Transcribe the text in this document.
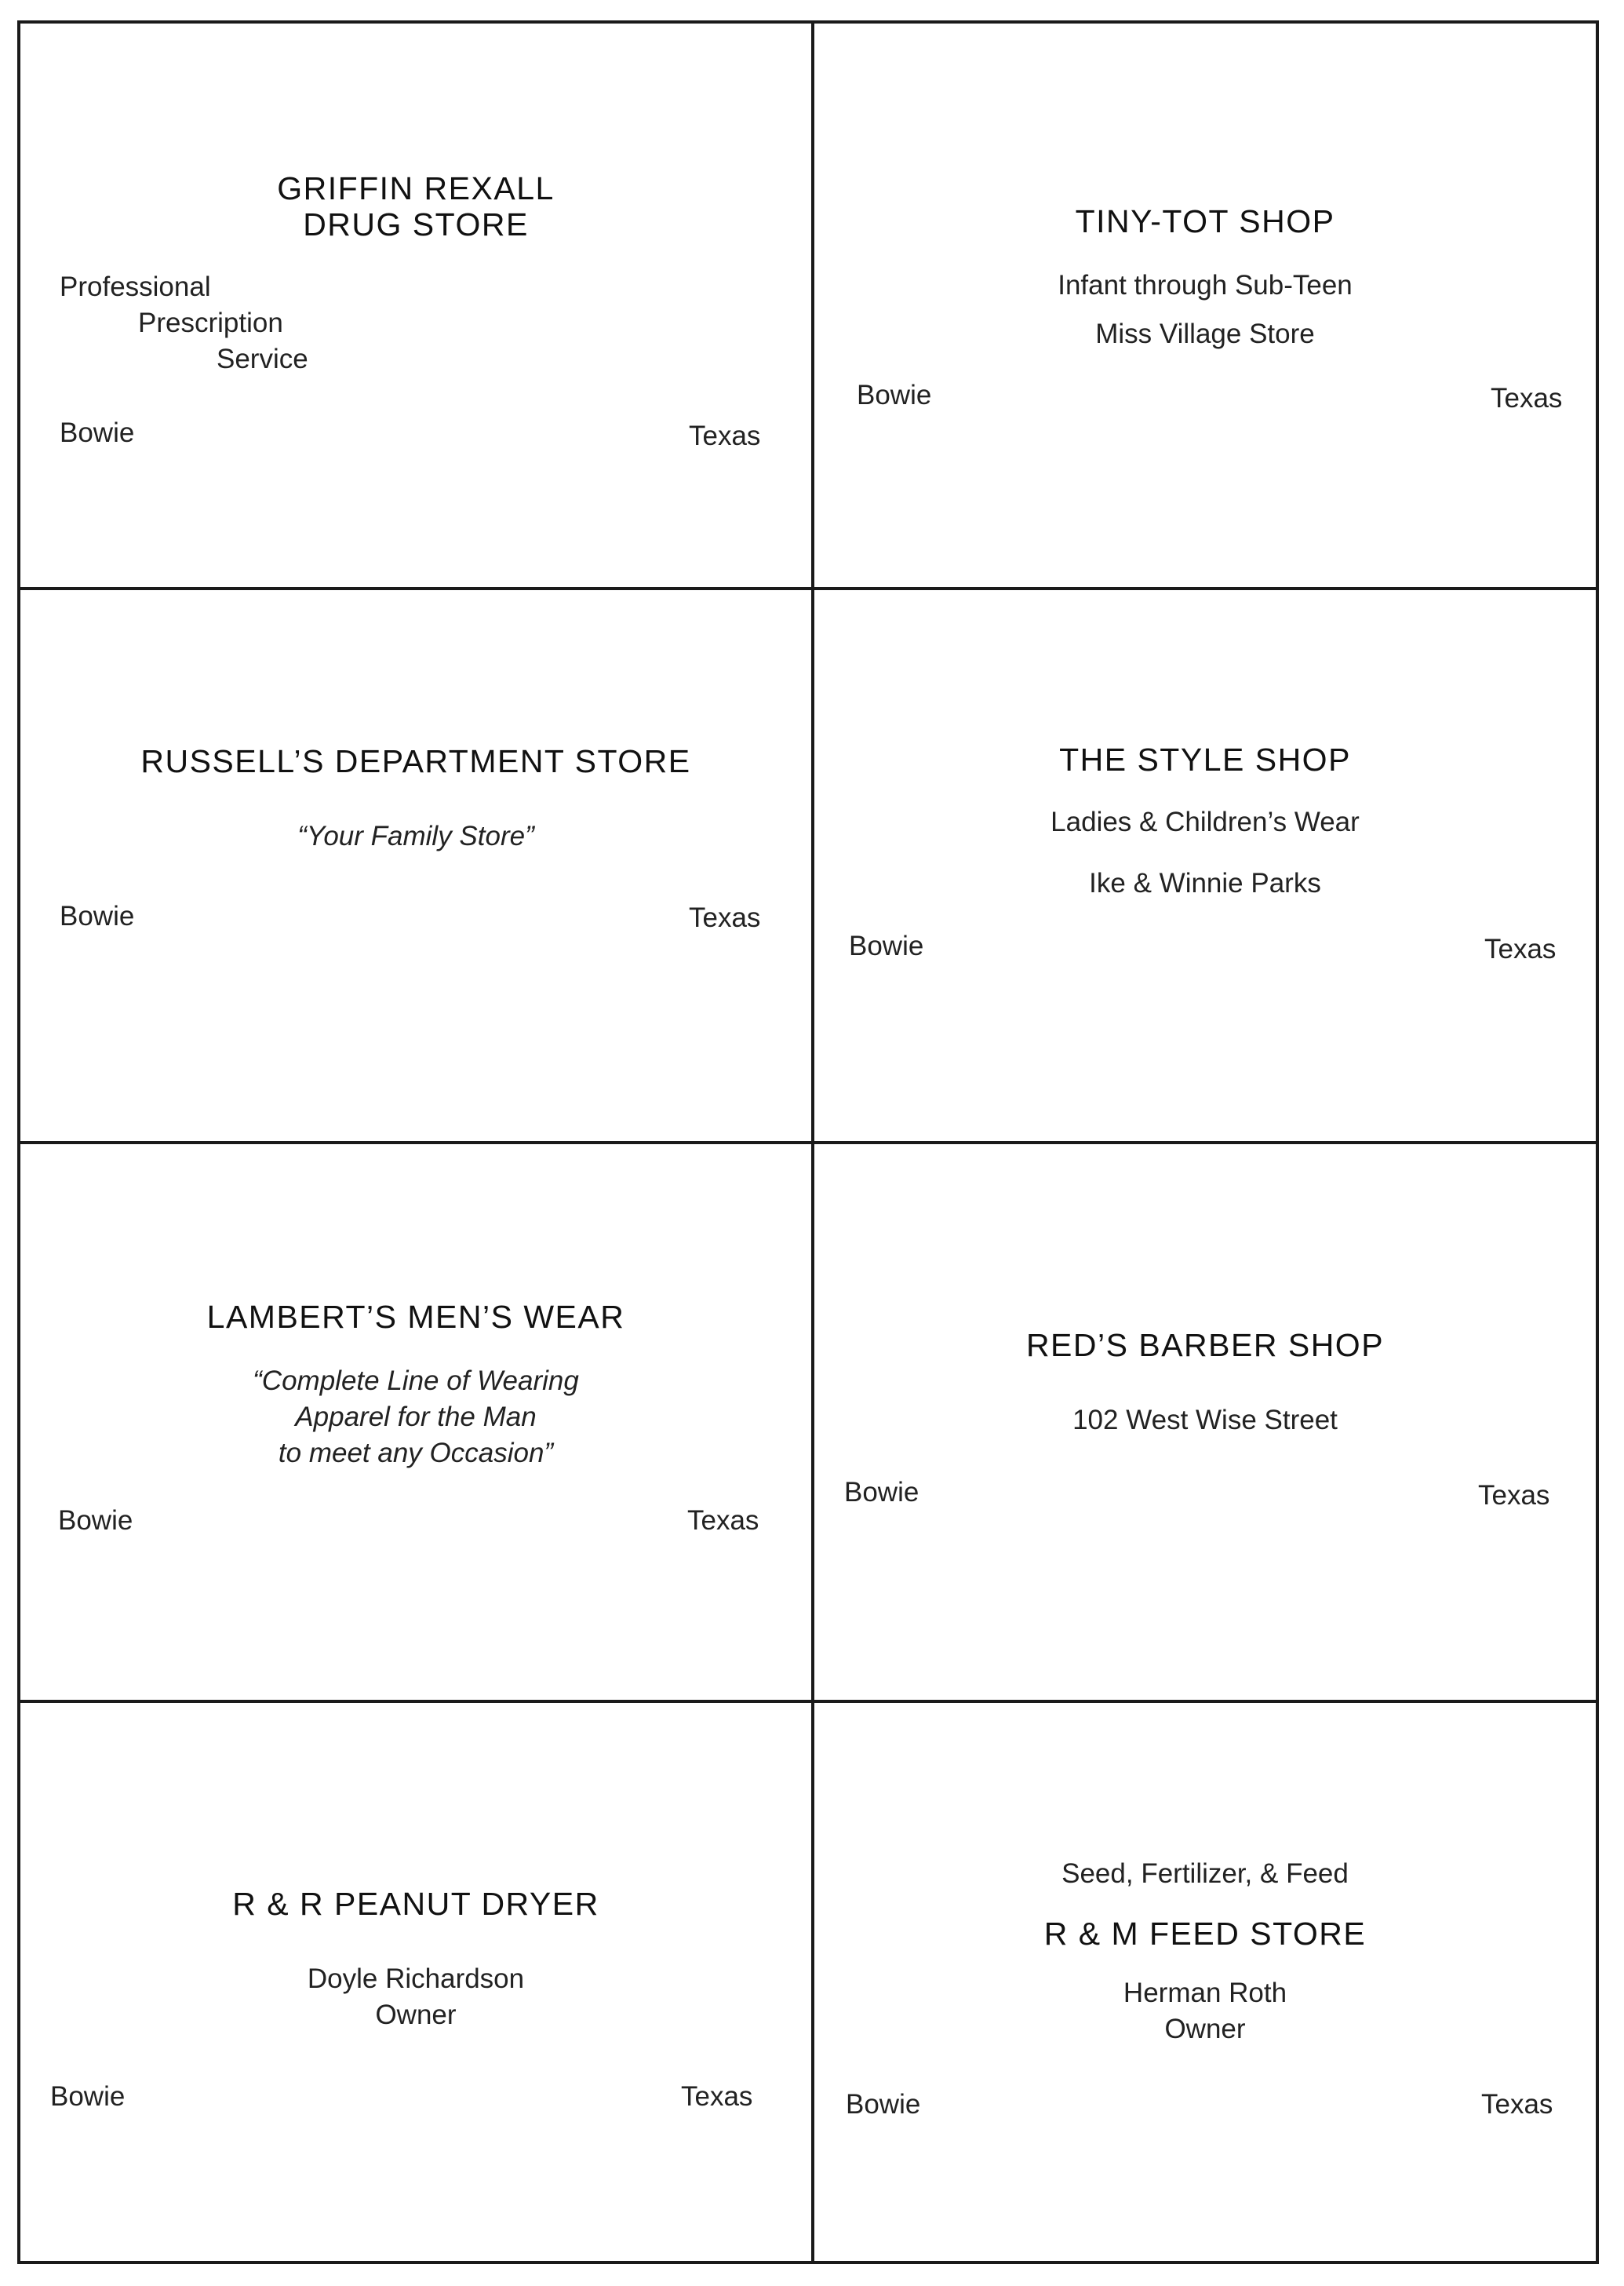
GRIFFIN REXALL
DRUG STORE
Professional
Prescription
Service
Bowie	Texas
TINY-TOT SHOP
Infant through Sub-Teen
Miss Village Store
Bowie	Texas
RUSSELL’S DEPARTMENT STORE
“Your Family Store”
Bowie	Texas
THE STYLE SHOP
Ladies & Children’s Wear
Ike & Winnie Parks
Bowie	Texas
LAMBERT’S MEN’S WEAR
“Complete Line of Wearing
Apparel for the Man
to meet any Occasion”
Bowie	Texas
RED’S BARBER SHOP
102 West Wise Street
Bowie	Texas
R & R PEANUT DRYER
Doyle Richardson
Owner
Bowie	Texas
Seed, Fertilizer, & Feed
R & M FEED STORE
Herman Roth
Owner
Bowie	Texas
